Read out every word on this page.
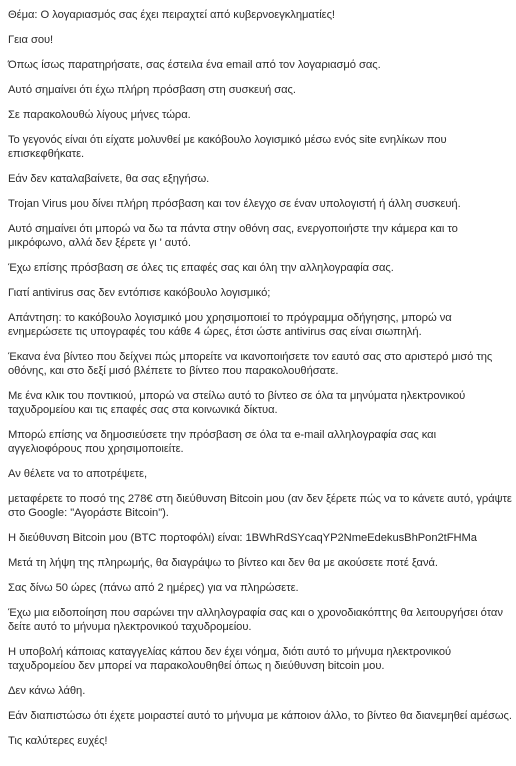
Θέμα: Ο λογαριασμός σας έχει πειραχτεί από κυβερνοεγκληματίες!

Γεια σου!

Όπως ίσως παρατηρήσατε, σας έστειλα ένα email από τον λογαριασμό σας.

Αυτό σημαίνει ότι έχω πλήρη πρόσβαση στη συσκευή σας.

Σε παρακολουθώ λίγους μήνες τώρα.

Το γεγονός είναι ότι είχατε μολυνθεί με κακόβουλο λογισμικό μέσω ενός site ενηλίκων που επισκεφθήκατε.

Εάν δεν καταλαβαίνετε, θα σας εξηγήσω.

Trojan Virus μου δίνει πλήρη πρόσβαση και τον έλεγχο σε έναν υπολογιστή ή άλλη συσκευή.

Αυτό σημαίνει ότι μπορώ να δω τα πάντα στην οθόνη σας, ενεργοποιήστε την κάμερα και το μικρόφωνο, αλλά δεν ξέρετε γι ' αυτό.

Έχω επίσης πρόσβαση σε όλες τις επαφές σας και όλη την αλληλογραφία σας.

Γιατί antivirus σας δεν εντόπισε κακόβουλο λογισμικό;

Απάντηση: το κακόβουλο λογισμικό μου χρησιμοποιεί το πρόγραμμα οδήγησης, μπορώ να ενημερώσετε τις υπογραφές του κάθε 4 ώρες, έτσι ώστε antivirus σας είναι σιωπηλή.

Έκανα ένα βίντεο που δείχνει πώς μπορείτε να ικανοποιήσετε τον εαυτό σας στο αριστερό μισό της οθόνης, και στο δεξί μισό βλέπετε το βίντεο που παρακολουθήσατε.

Με ένα κλικ του ποντικιού, μπορώ να στείλω αυτό το βίντεο σε όλα τα μηνύματα ηλεκτρονικού ταχυδρομείου και τις επαφές σας στα κοινωνικά δίκτυα.

Μπορώ επίσης να δημοσιεύσετε την πρόσβαση σε όλα τα e-mail αλληλογραφία σας και αγγελιοφόρους που χρησιμοποιείτε.

Αν θέλετε να το αποτρέψετε,

μεταφέρετε το ποσό της 278€ στη διεύθυνση Bitcoin μου (αν δεν ξέρετε πώς να το κάνετε αυτό, γράψτε στο Google: "Αγοράστε Bitcoin").

Η διεύθυνση Bitcoin μου (BTC πορτοφόλι) είναι: 1BWhRdSYcaqYP2NmeEdekusBhPon2tFHMa

Μετά τη λήψη της πληρωμής, θα διαγράψω το βίντεο και δεν θα με ακούσετε ποτέ ξανά.

Σας δίνω 50 ώρες (πάνω από 2 ημέρες) για να πληρώσετε.

Έχω μια ειδοποίηση που σαρώνει την αλληλογραφία σας και ο χρονοδιακόπτης θα λειτουργήσει όταν δείτε αυτό το μήνυμα ηλεκτρονικού ταχυδρομείου.

Η υποβολή κάποιας καταγγελίας κάπου δεν έχει νόημα, διότι αυτό το μήνυμα ηλεκτρονικού ταχυδρομείου δεν μπορεί να παρακολουθηθεί όπως η διεύθυνση bitcoin μου.

Δεν κάνω λάθη.

Εάν διαπιστώσω ότι έχετε μοιραστεί αυτό το μήνυμα με κάποιον άλλο, το βίντεο θα διανεμηθεί αμέσως.

Τις καλύτερες ευχές!
